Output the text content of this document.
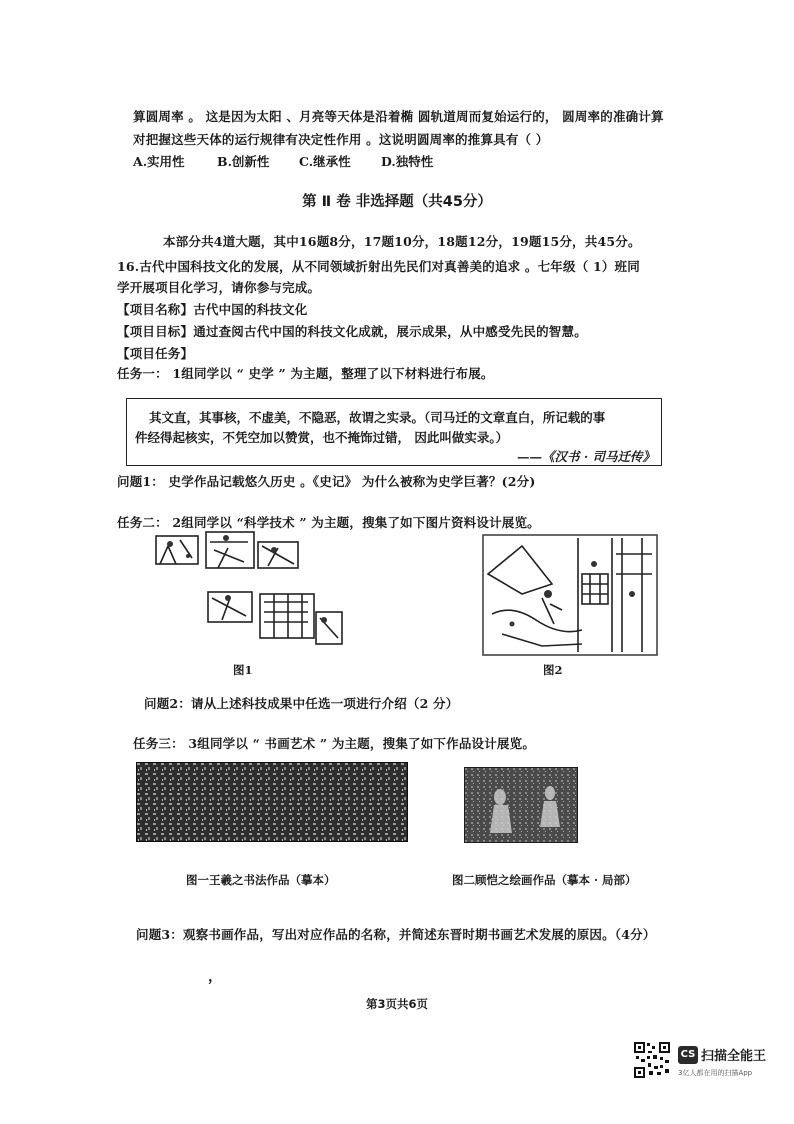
算圆周率 。 这是因为太阳 、月亮等天体是沿着椭 圆轨道周而复始运行的， 圆周率的准确计算
对把握这些天体的运行规律有决定性作用 。这说明圆周率的推算具有（ ）
A.实用性	B.创新性 C.继承性 D.独特性
第 Ⅱ 卷 非选择题（共45分）
本部分共4道大题，其中16题8分，17题10分，18题12分，19题15分，共45分。
16.古代中国科技文化的发展，从不同领域折射出先民们对真善美的追求 。七年级（ 1）班同
学开展项目化学习，请你参与完成。
【项目名称】古代中国的科技文化
【项目目标】通过查阅古代中国的科技文化成就，展示成果，从中感受先民的智慧。
【项目任务】
任务一： 1组同学以 “ 史学 ” 为主题，整理了以下材料进行布展。
其文直，其事核，不虚美，不隐恶，故谓之实录。（司马迁的文章直白，所记载的事
件经得起核实，不凭空加以赞赏，也不掩饰过错， 因此叫做实录。）
——《汉书 · 司马迁传》
问题1： 史学作品记载悠久历史 。《史记》 为什么被称为史学巨著？(2分)
任务二： 2组同学以 “科学技术 ” 为主题，搜集了如下图片资料设计展览。
图1	图2
问题2：请从上述科技成果中任选一项进行介绍（2 分）
任务三： 3组同学以 “ 书画艺术 ” 为主题，搜集了如下作品设计展览。
图一王羲之书法作品（摹本）	图二顾恺之绘画作品（摹本 · 局部）
问题3：观察书画作品，写出对应作品的名称，并简述东晋时期书画艺术发展的原因。（4分）
，
第3页共6页
CS 扫描全能王
3亿人都在用的扫描App
